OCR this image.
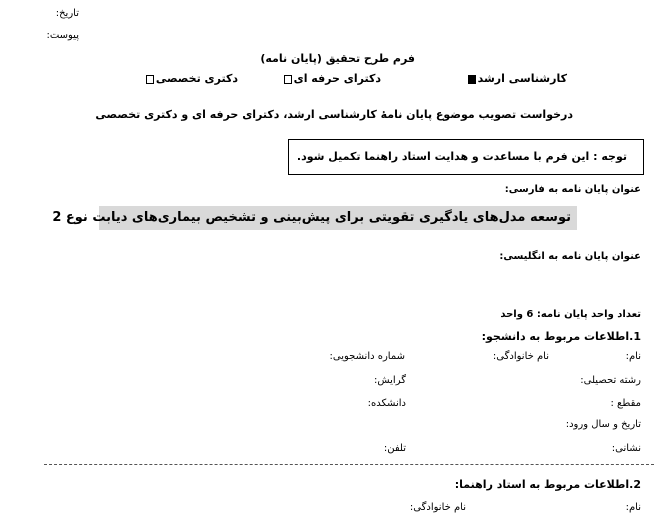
تاریخ:
پیوست:
فرم طرح تحقیق (پایان نامه)
کارشناسی ارشد
دکترای حرفه ای
دکتری تخصصی
درخواست تصویب موضوع پایان نامهٔ کارشناسی ارشد، دکترای حرفه ای و دکتری تخصصی
توجه : این فرم با مساعدت و هدایت استاد راهنما تکمیل شود.
عنوان پایان نامه به فارسی:
توسعه مدل‌های یادگیری تقویتی برای پیش‌بینی و تشخیص بیماری‌های دیابت نوع 2
عنوان پایان نامه به انگلیسی:
تعداد واحد پایان نامه: 6 واحد
1.اطلاعات مربوط به دانشجو:
نام:
نام خانوادگی:
شماره دانشجویی:
رشته تحصیلی:
گرایش:
مقطع :
دانشکده:
تاریخ و سال ورود:
نشانی:
تلفن:
2.اطلاعات مربوط به استاد راهنما:
نام:
نام خانوادگی:
